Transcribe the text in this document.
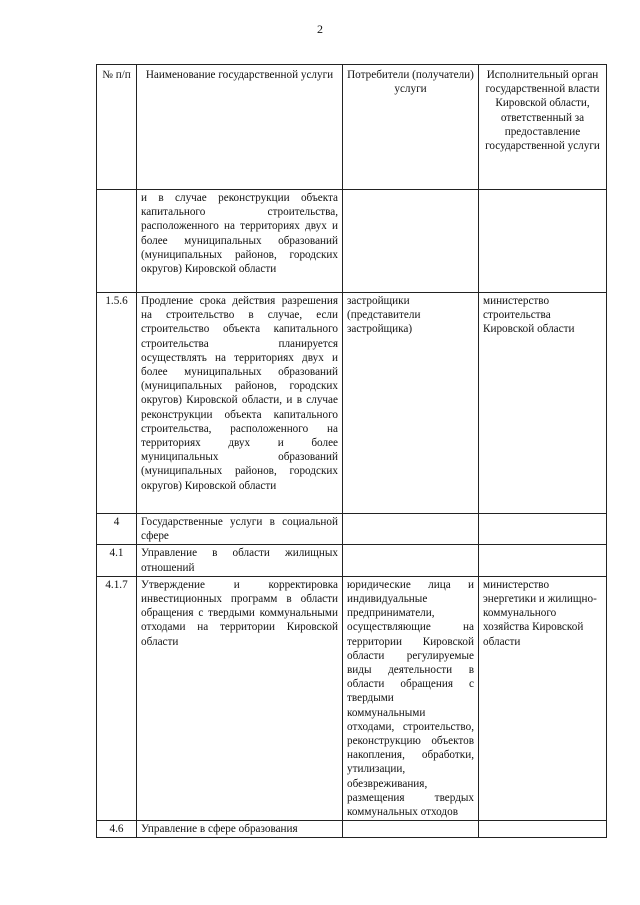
2
№ п/п	Наименование государственной услуги	Потребители (получатели) услуги	Исполнительный орган государственной власти Кировской области, ответственный за предоставление государственной услуги
	и в случае реконструкции объекта капитального строительства, расположенного на территориях двух и более муниципальных образований (муниципальных районов, городских округов) Кировской области		
1.5.6	Продление срока действия разрешения на строительство в случае, если строительство объекта капитального строительства планируется осуществлять на территориях двух и более муниципальных образований (муниципальных районов, городских округов) Кировской области, и в случае реконструкции объекта капитального строительства, расположенного на территориях двух и более муниципальных образований (муниципальных районов, городских округов) Кировской области	застройщики (представители застройщика)	министерство строительства Кировской области
4	Государственные услуги в социальной сфере		
4.1	Управление в области жилищных отношений		
4.1.7	Утверждение и корректировка инвестиционных программ в области обращения с твердыми коммунальными отходами на территории Кировской области	юридические лица и индивидуальные предприниматели, осуществляющие на территории Кировской области регулируемые виды деятельности в области обращения с твердыми коммунальными отходами, строительство, реконструкцию объектов накопления, обработки, утилизации, обезвреживания, размещения твердых коммунальных отходов	министерство энергетики и жилищно-коммунального хозяйства Кировской области
4.6	Управление в сфере образования		
